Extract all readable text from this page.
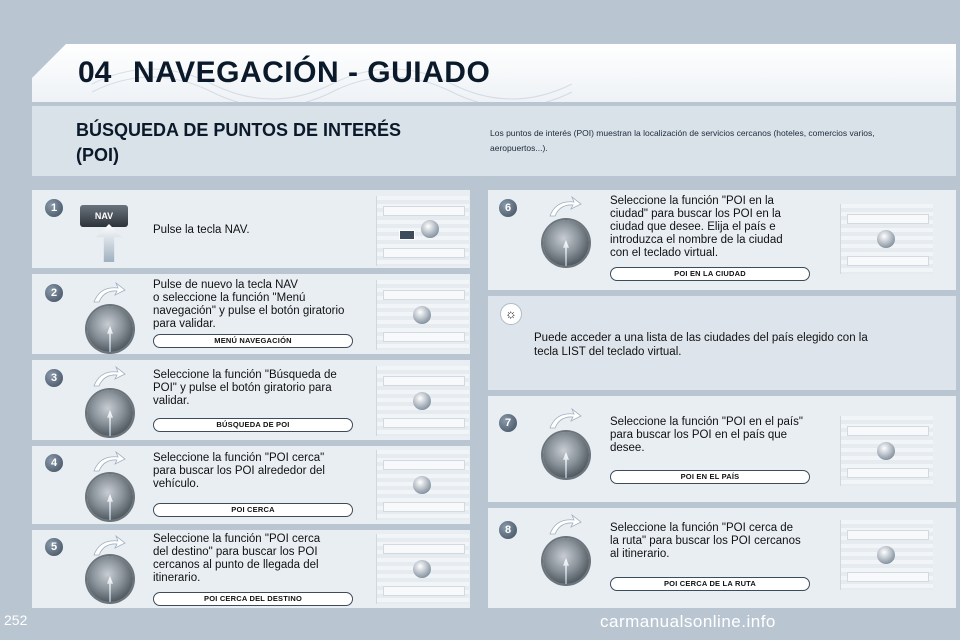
04 NAVEGACIÓN - GUIADO
BÚSQUEDA DE PUNTOS DE INTERÉS
(POI)
Los puntos de interés (POI) muestran la localización de servicios cercanos (hoteles, comercios varios,
aeropuertos...).
1
2
3
4
5
6
7
8
NAV
Pulse la tecla NAV.
Pulse de nuevo la tecla NAV
o seleccione la función "Menú
navegación" y pulse el botón giratorio
para validar.
Seleccione la función "Búsqueda de
POI" y pulse el botón giratorio para
validar.
Seleccione la función "POI cerca"
para buscar los POI alrededor del
vehículo.
Seleccione la función "POI cerca
del destino" para buscar los POI
cercanos al punto de llegada del
itinerario.
Seleccione la función "POI en la
ciudad" para buscar los POI en la
ciudad que desee. Elija el país e
introduzca el nombre de la ciudad
con el teclado virtual.
Seleccione la función "POI en el país"
para buscar los POI en el país que
desee.
Seleccione la función "POI cerca de
la ruta" para buscar los POI cercanos
al itinerario.
MENÚ NAVEGACIÓN
BÚSQUEDA DE POI
POI CERCA
POI CERCA DEL DESTINO
POI EN LA CIUDAD
POI EN EL PAÍS
POI CERCA DE LA RUTA
☼
Puede acceder a una lista de las ciudades del país elegido con la
tecla LIST del teclado virtual.
252	carmanualsonline.info
